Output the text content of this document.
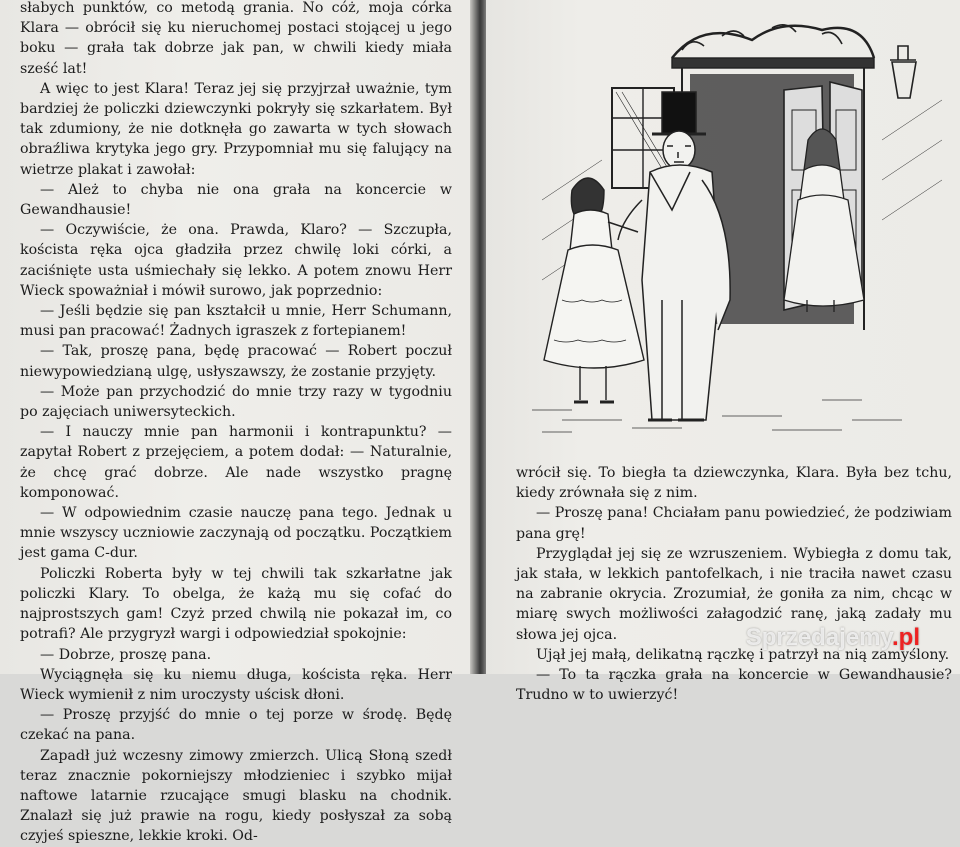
słabych punktów, co metodą grania. No cóż, moja córka Klara — obrócił się ku nieruchomej postaci stojącej u jego boku — grała tak dobrze jak pan, w chwili kiedy miała sześć lat!

A więc to jest Klara! Teraz jej się przyjrzał uważnie, tym bardziej że policzki dziewczynki pokryły się szkarłatem. Był tak zdumiony, że nie dotknęła go zawarta w tych słowach obraźliwa krytyka jego gry. Przypomniał mu się falujący na wietrze plakat i zawołał:

— Ależ to chyba nie ona grała na koncercie w Gewandhausie!

— Oczywiście, że ona. Prawda, Klaro? — Szczupła, koścista ręka ojca gładziła przez chwilę loki córki, a zaciśnięte usta uśmiechały się lekko. A potem znowu Herr Wieck spoważniał i mówił surowo, jak poprzednio:

— Jeśli będzie się pan kształcił u mnie, Herr Schumann, musi pan pracować! Żadnych igraszek z fortepianem!

— Tak, proszę pana, będę pracować — Robert poczuł niewypowiedzianą ulgę, usłyszawszy, że zostanie przyjęty.

— Może pan przychodzić do mnie trzy razy w tygodniu po zajęciach uniwersyteckich.

— I nauczy mnie pan harmonii i kontrapunktu? — zapytał Robert z przejęciem, a potem dodał: — Naturalnie, że chcę grać dobrze. Ale nade wszystko pragnę komponować.

— W odpowiednim czasie nauczę pana tego. Jednak u mnie wszyscy uczniowie zaczynają od początku. Początkiem jest gama C-dur.

Policzki Roberta były w tej chwili tak szkarłatne jak policzki Klary. To obelga, że każą mu się cofać do najprostszych gam! Czyż przed chwilą nie pokazał im, co potrafi? Ale przygryzł wargi i odpowiedział spokojnie:

— Dobrze, proszę pana.

Wyciągnęła się ku niemu długa, koścista ręka. Herr Wieck wymienił z nim uroczysty uścisk dłoni.

— Proszę przyjść do mnie o tej porze w środę. Będę czekać na pana.

Zapadł już wczesny zimowy zmierzch. Ulicą Słoną szedł teraz znacznie pokorniejszy młodzieniec i szybko mijał naftowe latarnie rzucające smugi blasku na chodnik. Znalazł się już prawie na rogu, kiedy posłyszał za sobą czyjeś spieszne, lekkie kroki. Od-

wrócił się. To biegła ta dziewczynka, Klara. Była bez tchu, kiedy zrównała się z nim.

— Proszę pana! Chciałam panu powiedzieć, że podziwiam pana grę!

Przyglądał jej się ze wzruszeniem. Wybiegła z domu tak, jak stała, w lekkich pantofelkach, i nie traciła nawet czasu na zabranie okrycia. Zrozumiał, że goniła za nim, chcąc w miarę swych możliwości załagodzić ranę, jaką zadały mu słowa jej ojca.

Ujął jej małą, delikatną rączkę i patrzył na nią zamyślony.

— To ta rączka grała na koncercie w Gewandhausie? Trudno w to uwierzyć!

Sprzedajemy.pl
